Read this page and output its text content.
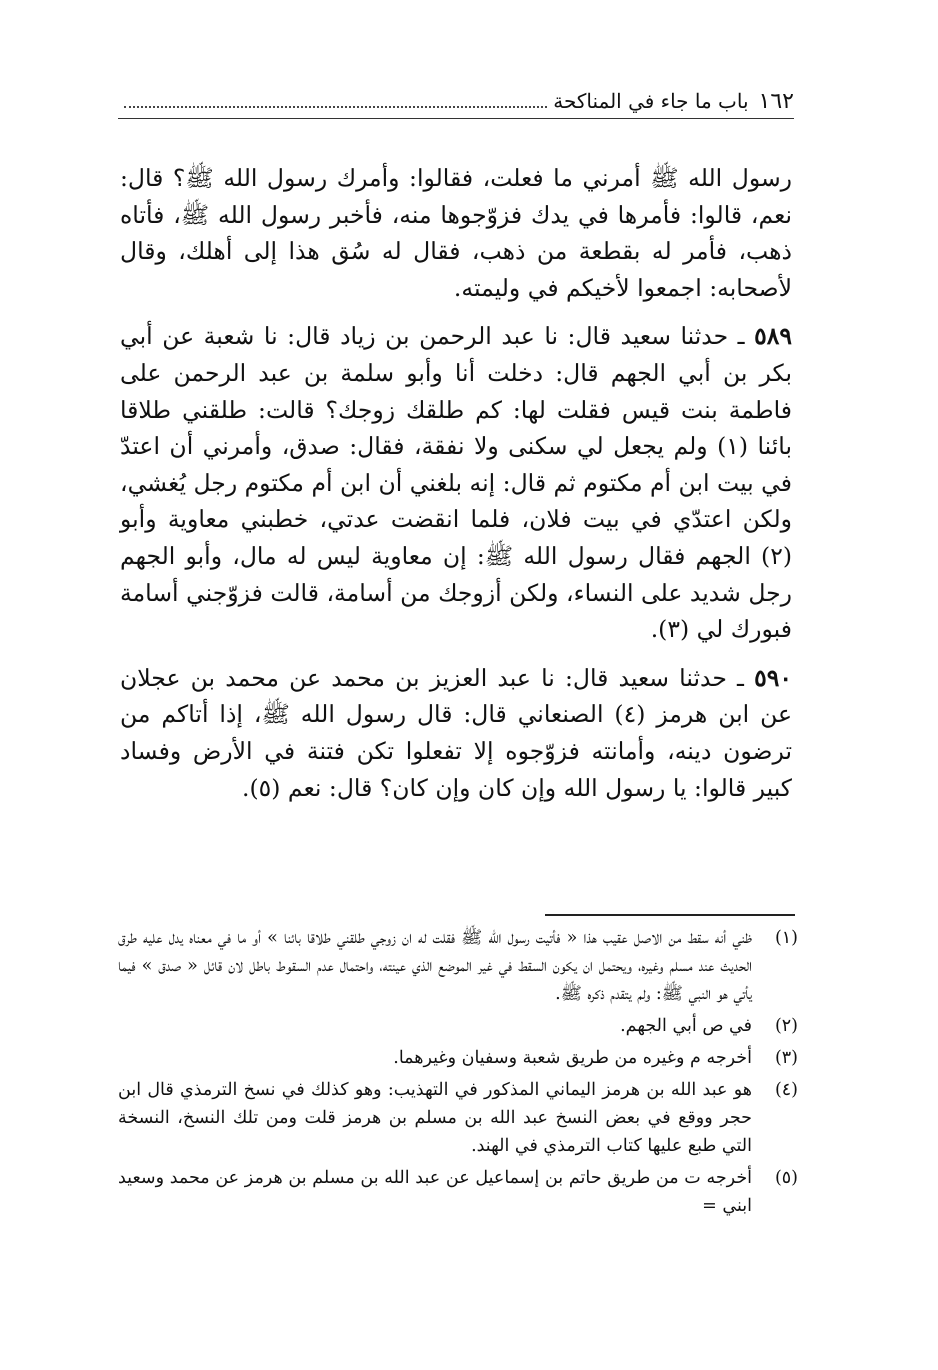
١٦٢
باب ما جاء في المناكحة

رسول الله ﷺ أمرني ما فعلت، فقالوا: وأمرك رسول الله ﷺ؟ قال: نعم، قالوا: فأمرها في يدك فزوّجوها منه، فأخبر رسول الله ﷺ، فأتاه ذهب، فأمر له بقطعة من ذهب، فقال له سُق هذا إلى أهلك، وقال لأصحابه: اجمعوا لأخيكم في وليمته.

٥٨٩ ـ حدثنا سعيد قال: نا عبد الرحمن بن زياد قال: نا شعبة عن أبي بكر بن أبي الجهم قال: دخلت أنا وأبو سلمة بن عبد الرحمن على فاطمة بنت قيس فقلت لها: كم طلقك زوجك؟ قالت: طلقني طلاقا بائنا (١) ولم يجعل لي سكنى ولا نفقة، فقال: صدق، وأمرني أن اعتدّ في بيت ابن أم مكتوم ثم قال: إنه بلغني أن ابن أم مكتوم رجل يُغشي، ولكن اعتدّي في بيت فلان، فلما انقضت عدتي، خطبني معاوية وأبو (٢) الجهم فقال رسول الله ﷺ: إن معاوية ليس له مال، وأبو الجهم رجل شديد على النساء، ولكن أزوجك من أسامة، قالت فزوّجني أسامة فبورك لي (٣).

٥٩٠ ـ حدثنا سعيد قال: نا عبد العزيز بن محمد عن محمد بن عجلان عن ابن هرمز (٤) الصنعاني قال: قال رسول الله ﷺ، إذا أتاكم من ترضون دينه، وأمانته فزوّجوه إلا تفعلوا تكن فتنة في الأرض وفساد كبير قالوا: يا رسول الله وإن كان وإن كان؟ قال: نعم (٥).

(١)
ظني أنه سقط من الاصل عقيب هذا « فأتيت رسول الله ﷺ فقلت له ان زوجي طلقني طلاقا بائنا » أو ما في معناه يدل عليه طرق الحديث عند مسلم وغيره، ويحتمل ان يكون السقط في غير الموضع الذي عينته، واحتمال عدم السقوط باطل لان قائل « صدق » فيما يأتي هو النبي ﷺ: ولم يتقدم ذكره ﷺ.
(٢)
في ص أبي الجهم.
(٣)
أخرجه م وغيره من طريق شعبة وسفيان وغيرهما.
(٤)
هو عبد الله بن هرمز اليماني المذكور في التهذيب: وهو كذلك في نسخ الترمذي قال ابن حجر ووقع في بعض النسخ عبد الله بن مسلم بن هرمز قلت ومن تلك النسخ، النسخة التي طبع عليها كتاب الترمذي في الهند.
(٥)
أخرجه ت من طريق حاتم بن إسماعيل عن عبد الله بن مسلم بن هرمز عن محمد وسعيد ابني =
